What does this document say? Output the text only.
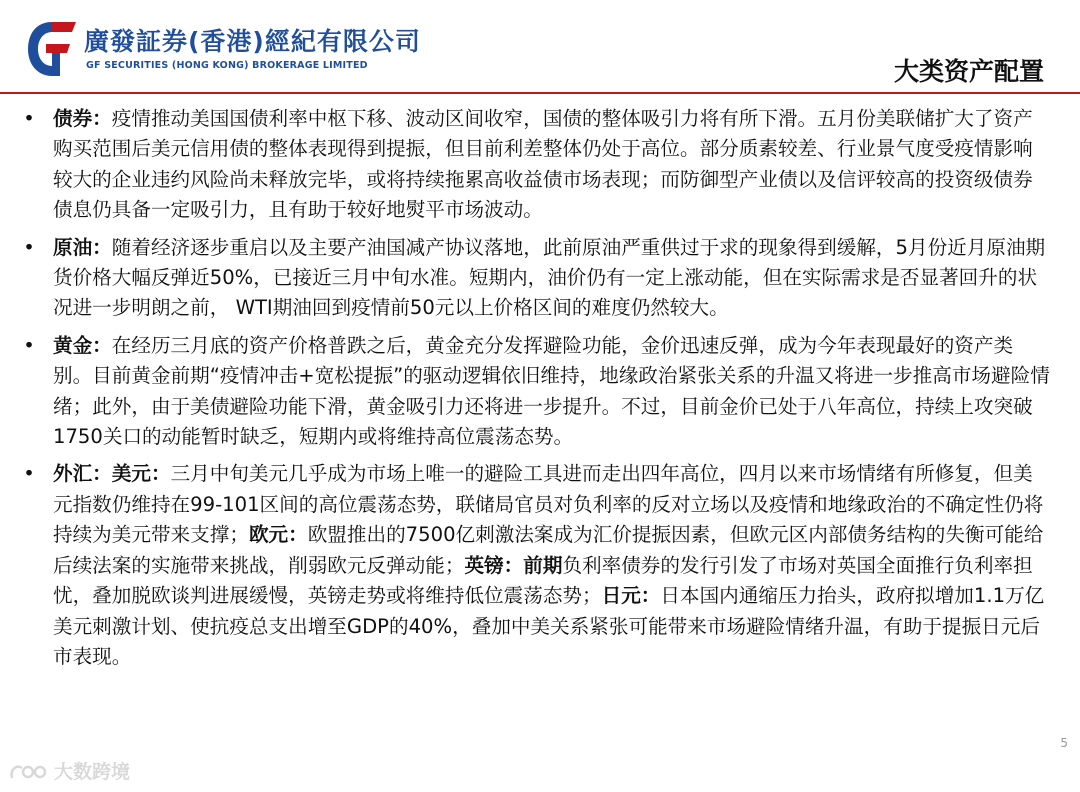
廣發証券(香港)經紀有限公司
GF SECURITIES (HONG KONG) BROKERAGE LIMITED	大类资产配置
• 债券：疫情推动美国国债利率中枢下移、波动区间收窄，国债的整体吸引力将有所下滑。五月份美联储扩大了资产购买范围后美元信用债的整体表现得到提振，但目前利差整体仍处于高位。部分质素较差、行业景气度受疫情影响较大的企业违约风险尚未释放完毕，或将持续拖累高收益债市场表现；而防御型产业债以及信评较高的投资级债券债息仍具备一定吸引力，且有助于较好地熨平市场波动。
• 原油：随着经济逐步重启以及主要产油国减产协议落地，此前原油严重供过于求的现象得到缓解，5月份近月原油期货价格大幅反弹近50%，已接近三月中旬水准。短期内，油价仍有一定上涨动能，但在实际需求是否显著回升的状况进一步明朗之前， WTI期油回到疫情前50元以上价格区间的难度仍然较大。
• 黄金：在经历三月底的资产价格普跌之后，黄金充分发挥避险功能，金价迅速反弹，成为今年表现最好的资产类别。目前黄金前期“疫情冲击+宽松提振”的驱动逻辑依旧维持，地缘政治紧张关系的升温又将进一步推高市场避险情绪；此外，由于美债避险功能下滑，黄金吸引力还将进一步提升。不过，目前金价已处于八年高位，持续上攻突破1750关口的动能暂时缺乏，短期内或将维持高位震荡态势。
• 外汇：美元：三月中旬美元几乎成为市场上唯一的避险工具进而走出四年高位，四月以来市场情绪有所修复，但美元指数仍维持在99-101区间的高位震荡态势，联储局官员对负利率的反对立场以及疫情和地缘政治的不确定性仍将持续为美元带来支撑；欧元：欧盟推出的7500亿刺激法案成为汇价提振因素，但欧元区内部债务结构的失衡可能给后续法案的实施带来挑战，削弱欧元反弹动能；英镑：前期负利率债券的发行引发了市场对英国全面推行负利率担忧，叠加脱欧谈判进展缓慢，英镑走势或将维持低位震荡态势；日元：日本国内通缩压力抬头，政府拟增加1.1万亿美元刺激计划、使抗疫总支出增至GDP的40%，叠加中美关系紧张可能带来市场避险情绪升温，有助于提振日元后市表现。
5
大数跨境
